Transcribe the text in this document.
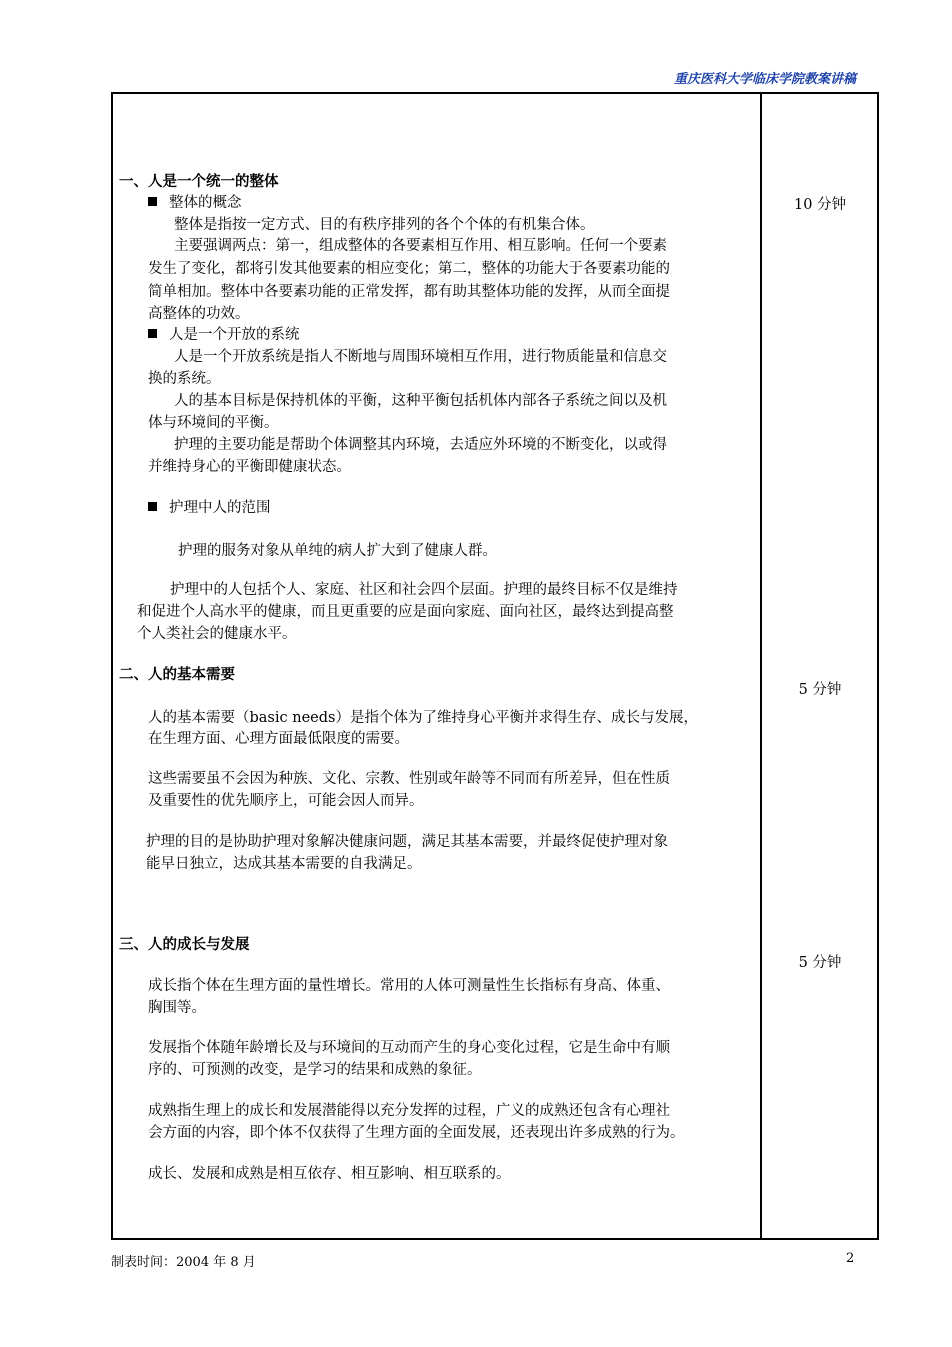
重庆医科大学临床学院教案讲稿
一、人是一个统一的整体
整体的概念
整体是指按一定方式、目的有秩序排列的各个个体的有机集合体。
主要强调两点：第一，组成整体的各要素相互作用、相互影响。任何一个要素
发生了变化，都将引发其他要素的相应变化；第二，整体的功能大于各要素功能的
简单相加。整体中各要素功能的正常发挥，都有助其整体功能的发挥，从而全面提
高整体的功效。
人是一个开放的系统
人是一个开放系统是指人不断地与周围环境相互作用，进行物质能量和信息交
换的系统。
人的基本目标是保持机体的平衡，这种平衡包括机体内部各子系统之间以及机
体与环境间的平衡。
护理的主要功能是帮助个体调整其内环境，去适应外环境的不断变化，以或得
并维持身心的平衡即健康状态。
护理中人的范围
护理的服务对象从单纯的病人扩大到了健康人群。
护理中的人包括个人、家庭、社区和社会四个层面。护理的最终目标不仅是维持
和促进个人高水平的健康，而且更重要的应是面向家庭、面向社区，最终达到提高整
个人类社会的健康水平。
二、人的基本需要
人的基本需要（basic needs）是指个体为了维持身心平衡并求得生存、成长与发展，
在生理方面、心理方面最低限度的需要。
这些需要虽不会因为种族、文化、宗教、性别或年龄等不同而有所差异，但在性质
及重要性的优先顺序上，可能会因人而异。
护理的目的是协助护理对象解决健康问题，满足其基本需要，并最终促使护理对象
能早日独立，达成其基本需要的自我满足。
三、人的成长与发展
成长指个体在生理方面的量性增长。常用的人体可测量性生长指标有身高、体重、
胸围等。
发展指个体随年龄增长及与环境间的互动而产生的身心变化过程，它是生命中有顺
序的、可预测的改变，是学习的结果和成熟的象征。
成熟指生理上的成长和发展潜能得以充分发挥的过程，广义的成熟还包含有心理社
会方面的内容，即个体不仅获得了生理方面的全面发展，还表现出许多成熟的行为。
成长、发展和成熟是相互依存、相互影响、相互联系的。
10 分钟
5 分钟
5 分钟
制表时间：2004 年 8 月	2
